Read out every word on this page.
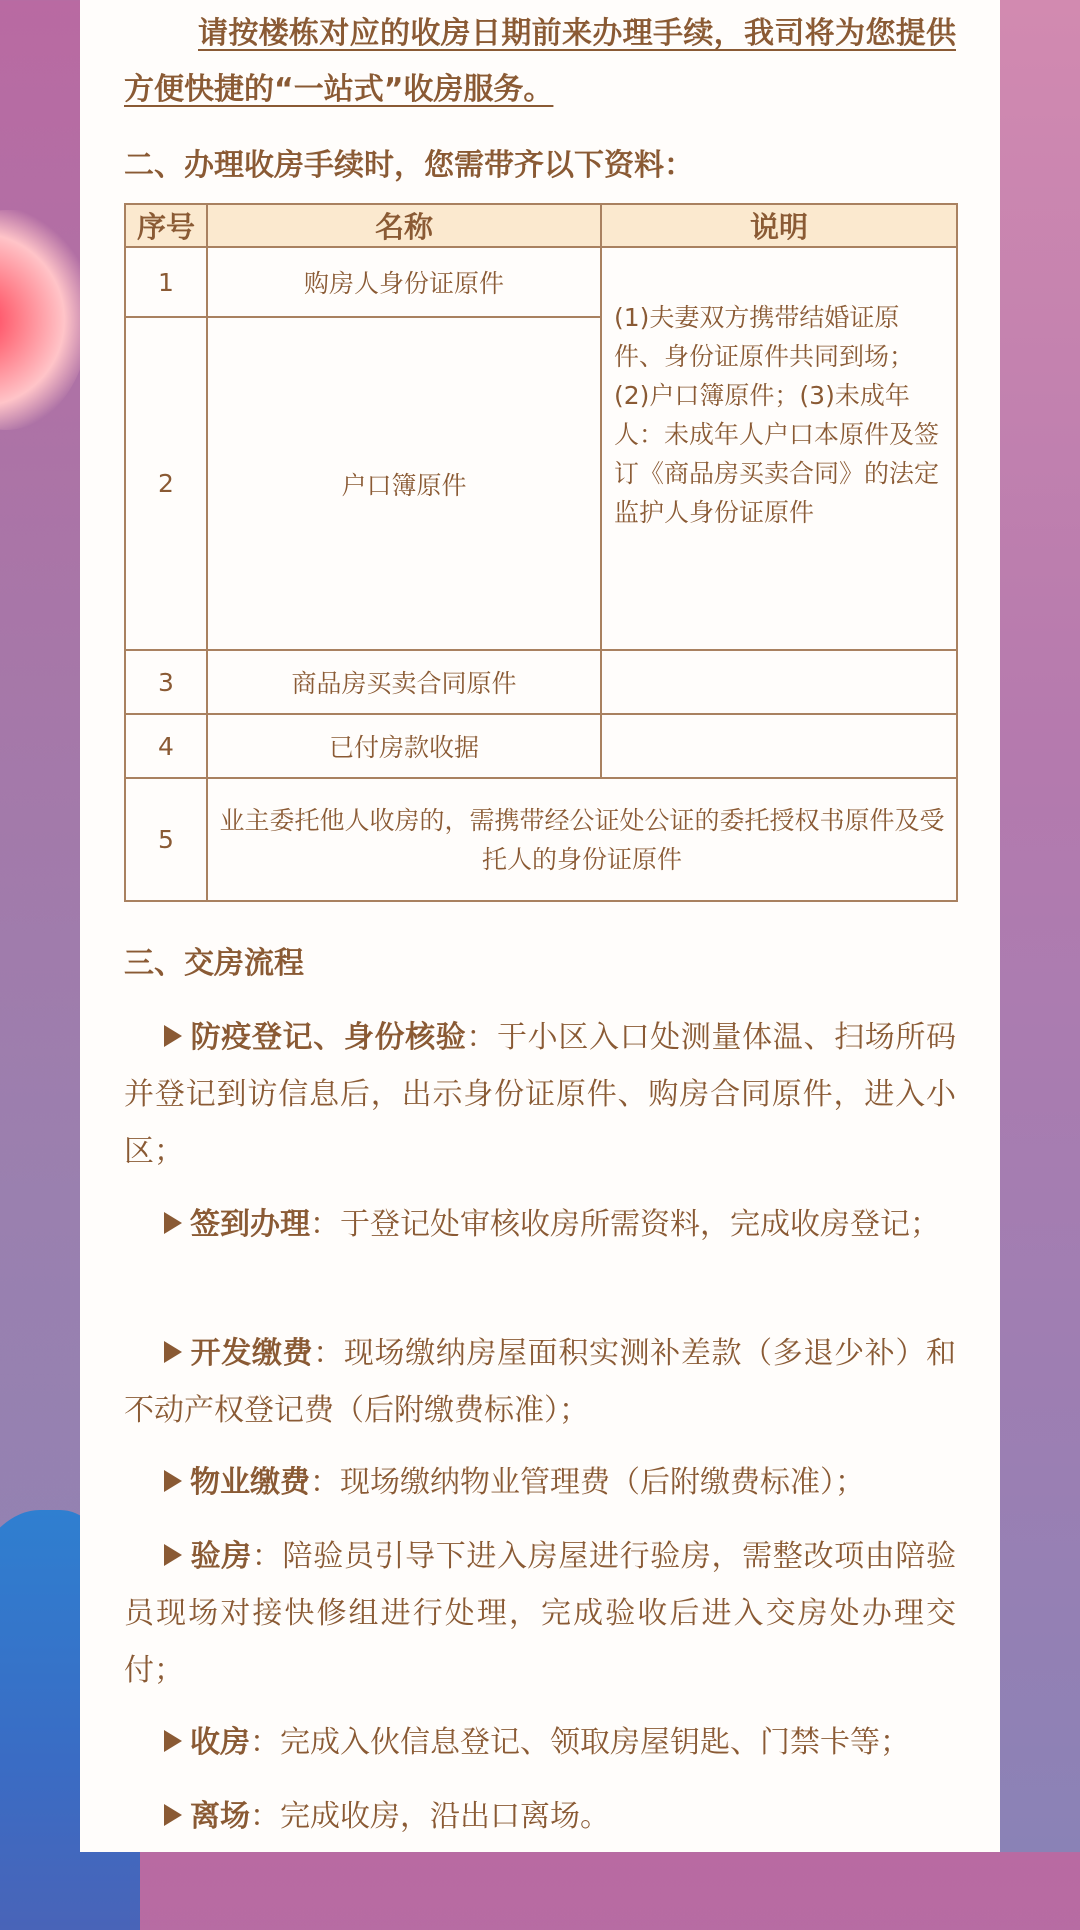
请按楼栋对应的收房日期前来办理手续，我司将为您提供方便快捷的“一站式”收房服务。

二、办理收房手续时，您需带齐以下资料：
序号	名称	说明
1	购房人身份证原件	(1)夫妻双方携带结婚证原件、身份证原件共同到场；(2)户口簿原件；(3)未成年人：未成年人户口本原件及签订《商品房买卖合同》的法定监护人身份证原件
2	户口簿原件	
3	商品房买卖合同原件	
4	已付房款收据	
5	业主委托他人收房的，需携带经公证处公证的委托授权书原件及受托人的身份证原件	
三、交房流程

防疫登记、身份核验：于小区入口处测量体温、扫场所码并登记到访信息后，出示身份证原件、购房合同原件，进入小区；

签到办理：于登记处审核收房所需资料，完成收房登记；

开发缴费：现场缴纳房屋面积实测补差款（多退少补）和不动产权登记费（后附缴费标准）；

物业缴费：现场缴纳物业管理费（后附缴费标准）；

验房：陪验员引导下进入房屋进行验房，需整改项由陪验员现场对接快修组进行处理，完成验收后进入交房处办理交付；

收房：完成入伙信息登记、领取房屋钥匙、门禁卡等；

离场：完成收房，沿出口离场。
